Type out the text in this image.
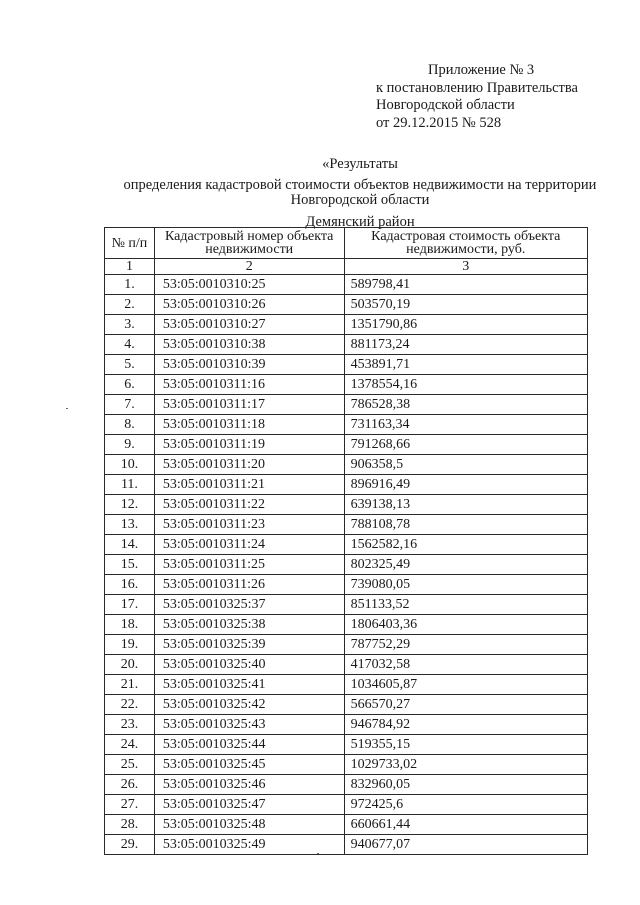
Приложение № 3
к постановлению Правительства
Новгородской области
от 29.12.2015 № 528
«Результаты
определения кадастровой стоимости объектов недвижимости на территории Новгородской области
Демянский район
№ п/п	Кадастровый номер объекта недвижимости	Кадастровая стоимость объекта недвижимости, руб.
1	2	3
1.	53:05:0010310:25	589798,41
2.	53:05:0010310:26	503570,19
3.	53:05:0010310:27	1351790,86
4.	53:05:0010310:38	881173,24
5.	53:05:0010310:39	453891,71
6.	53:05:0010311:16	1378554,16
7.	53:05:0010311:17	786528,38
8.	53:05:0010311:18	731163,34
9.	53:05:0010311:19	791268,66
10.	53:05:0010311:20	906358,5
11.	53:05:0010311:21	896916,49
12.	53:05:0010311:22	639138,13
13.	53:05:0010311:23	788108,78
14.	53:05:0010311:24	1562582,16
15.	53:05:0010311:25	802325,49
16.	53:05:0010311:26	739080,05
17.	53:05:0010325:37	851133,52
18.	53:05:0010325:38	1806403,36
19.	53:05:0010325:39	787752,29
20.	53:05:0010325:40	417032,58
21.	53:05:0010325:41	1034605,87
22.	53:05:0010325:42	566570,27
23.	53:05:0010325:43	946784,92
24.	53:05:0010325:44	519355,15
25.	53:05:0010325:45	1029733,02
26.	53:05:0010325:46	832960,05
27.	53:05:0010325:47	972425,6
28.	53:05:0010325:48	660661,44
29.	53:05:0010325:49	940677,07
